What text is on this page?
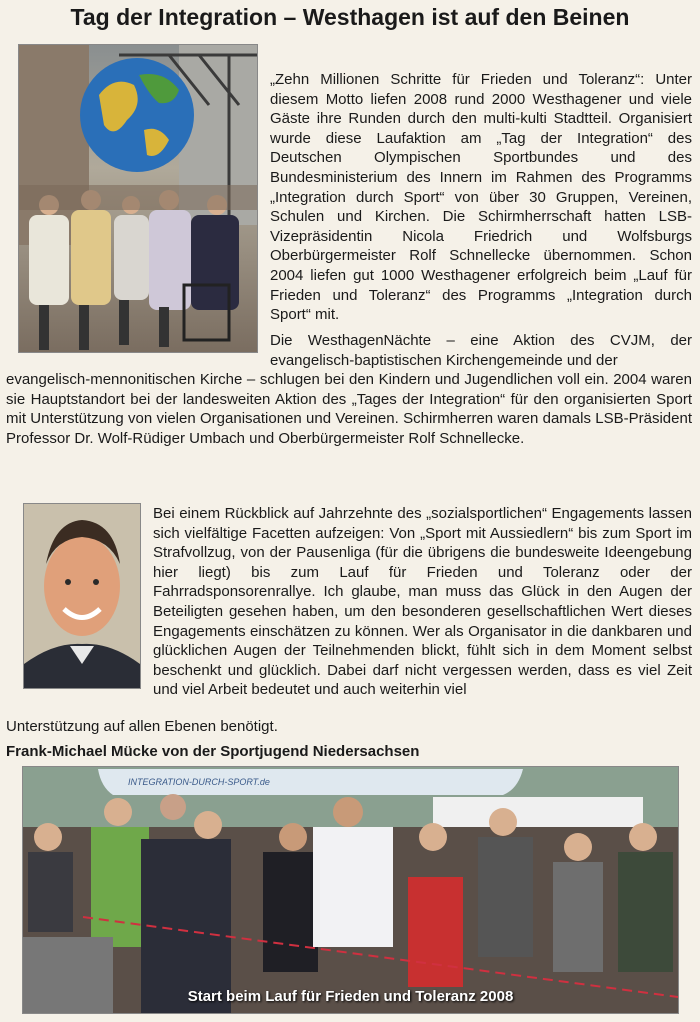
Tag der Integration – Westhagen ist auf den Beinen
„Zehn Millionen Schritte für Frieden und Toleranz“: Unter diesem Motto liefen 2008 rund 2000 Westhagener und viele Gäste ihre Runden durch den multi-kulti Stadtteil. Organisiert wurde diese Laufaktion am „Tag der Integration“ des Deutschen Olympischen Sportbundes und des Bundesministerium des Innern im Rahmen des Programms „Integration durch Sport“ von über 30 Gruppen, Vereinen, Schulen und Kirchen. Die Schirmherrschaft hatten LSB-Vizepräsidentin Nicola Friedrich und Wolfsburgs Oberbürgermeister Rolf Schnellecke übernommen. Schon 2004 liefen gut 1000 Westhagener erfolgreich beim „Lauf für Frieden und Toleranz“ des Programms „Integration durch Sport“ mit.
Die WesthagenNächte – eine Aktion des CVJM, der evangelisch-baptistischen Kirchengemeinde und der
evangelisch-mennonitischen Kirche – schlugen bei den Kindern und Jugendlichen voll ein. 2004 waren sie Hauptstandort bei der landesweiten Aktion des „Tages der Integration“ für den organisierten Sport mit Unterstützung von vielen Organisationen und Vereinen. Schirmherren waren damals LSB-Präsident Professor Dr. Wolf-Rüdiger Umbach und Oberbürgermeister Rolf Schnellecke.
Bei einem Rückblick auf Jahrzehnte des „sozialsportlichen“ Engagements lassen sich vielfältige Facetten aufzeigen: Von „Sport mit Aussiedlern“ bis zum Sport im Strafvollzug, von der Pausenliga (für die übrigens die bundesweite Ideengebung hier liegt) bis zum Lauf für Frieden und Toleranz oder der Fahrradsponsorenrallye. Ich glaube, man muss das Glück in den Augen der Beteiligten gesehen haben, um den besonderen gesellschaftlichen Wert dieses Engagements einschätzen zu können. Wer als Organisator in die dankbaren und glücklichen Augen der Teilnehmenden blickt, fühlt sich in dem Moment selbst beschenkt und glücklich. Dabei darf nicht vergessen werden, dass es viel Zeit und viel Arbeit bedeutet und auch weiterhin viel
Unterstützung auf allen Ebenen benötigt.
Frank-Michael Mücke von der Sportjugend Niedersachsen
INTEGRATION-DURCH-SPORT.de
Start beim Lauf für Frieden und Toleranz 2008
